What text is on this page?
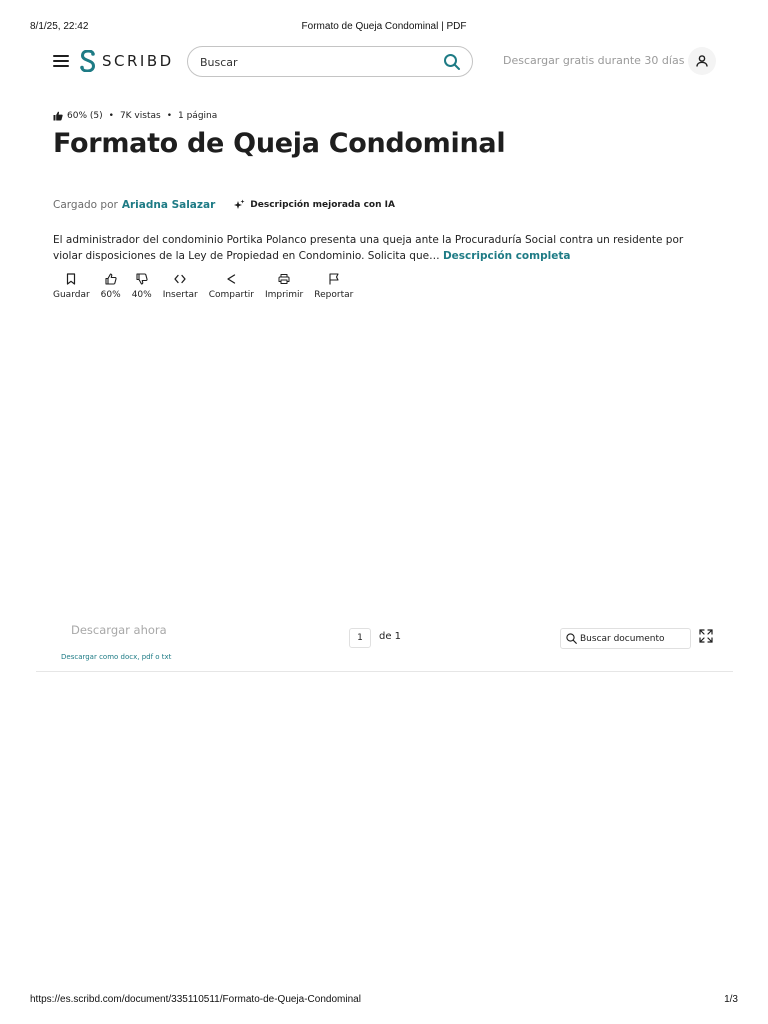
8/1/25, 22:42	Formato de Queja Condominal | PDF
SCRIBD
Buscar	Descargar gratis durante 30 días
60% (5) • 7K vistas • 1 página
Formato de Queja Condominal
Cargado por Ariadna Salazar	Descripción mejorada con IA

El administrador del condominio Portika Polanco presenta una queja ante la Procuraduría Social contra un residente por violar disposiciones de la Ley de Propiedad en Condominio. Solicita que… Descripción completa

Guardar 60% 40% Insertar Compartir Imprimir Reportar
Descargar ahora
Descargar como docx, pdf o txt
1	de 1
Buscar documento
https://es.scribd.com/document/335110511/Formato-de-Queja-Condominal	1/3
